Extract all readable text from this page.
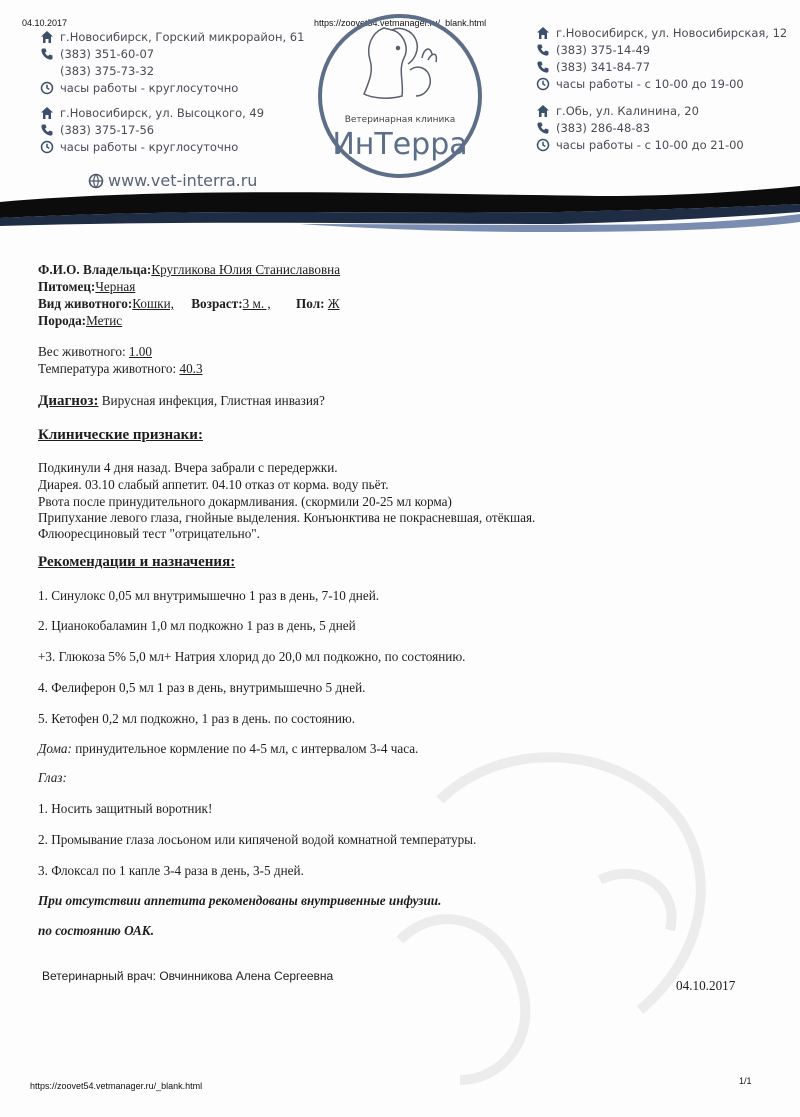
04.10.2017	https://zoovet54.vetmanager.ru/_blank.html
г.Новосибирск, Горский микрорайон, 61
(383) 351-60-07
(383) 375-73-32
часы работы - круглосуточно
г.Новосибирск, ул. Высоцкого, 49
(383) 375-17-56
часы работы - круглосуточно
г.Новосибирск, ул. Новосибирская, 12
(383) 375-14-49
(383) 341-84-77
часы работы - с 10-00 до 19-00
г.Обь, ул. Калинина, 20
(383) 286-48-83
часы работы - с 10-00 до 21-00
Ветеринарная клиника
ИнТерра
www.vet-interra.ru
Ф.И.О. Владельца:Кругликова Юлия Станиславовна
Питомец:Черная
Вид животного:Кошки, Возраст:3 м. , Пол: Ж
Порода:Метис
Вес животного: 1.00
Температура животного: 40.3
Диагноз: Вирусная инфекция, Глистная инвазия?
Клинические признаки:
Подкинули 4 дня назад. Вчера забрали с передержки.
Диарея. 03.10 слабый аппетит. 04.10 отказ от корма. воду пьёт.
Рвота после принудительного докармливания. (скормили 20-25 мл корма)
Припухание левого глаза, гнойные выделения. Конъюнктива не покрасневшая, отёкшая.
Флюоресциновый тест "отрицательно".
Рекомендации и назначения:
1. Синулокс 0,05 мл внутримышечно 1 раз в день, 7-10 дней.
2. Цианокобаламин 1,0 мл подкожно 1 раз в день, 5 дней
+3. Глюкоза 5% 5,0 мл+ Натрия хлорид до 20,0 мл подкожно, по состоянию.
4. Фелиферон 0,5 мл 1 раз в день, внутримышечно 5 дней.
5. Кетофен 0,2 мл подкожно, 1 раз в день. по состоянию.
Дома: принудительное кормление по 4-5 мл, с интервалом 3-4 часа.
Глаз:
1. Носить защитный воротник!
2. Промывание глаза лосьоном или кипяченой водой комнатной температуры.
3. Флоксал по 1 капле 3-4 раза в день, 3-5 дней.
При отсутствии аппетита рекомендованы внутривенные инфузии.
по состоянию ОАК.
Ветеринарный врач: Овчинникова Алена Сергеевна
04.10.2017
https://zoovet54.vetmanager.ru/_blank.html	1/1
